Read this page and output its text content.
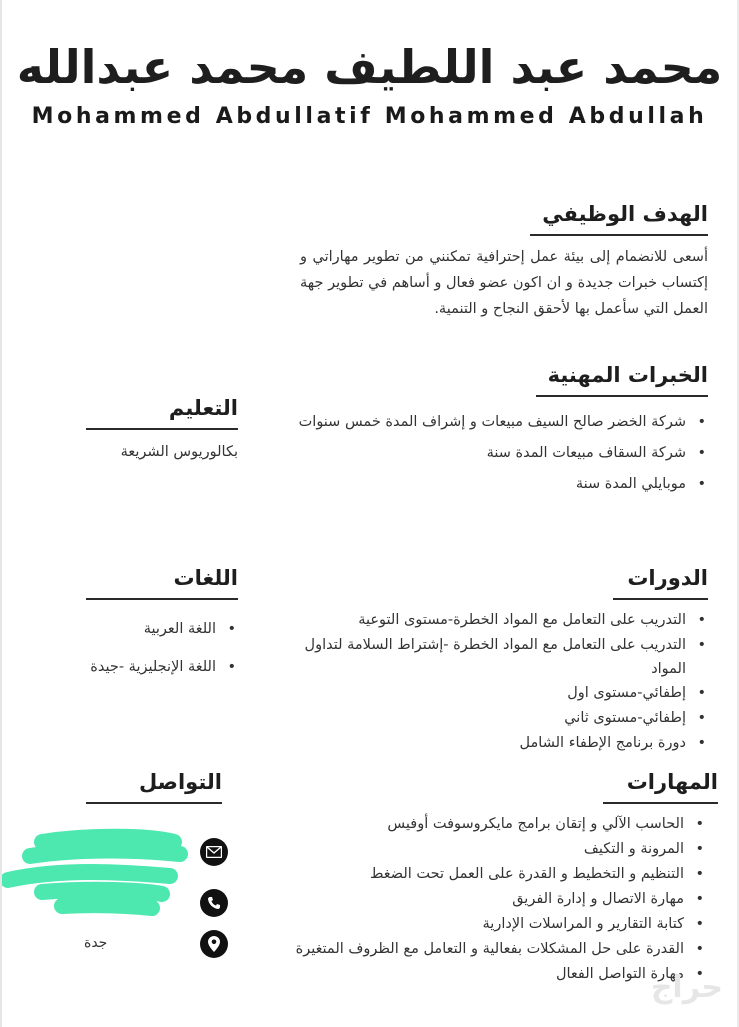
محمد عبد اللطيف محمد عبدالله
Mohammed Abdullatif Mohammed Abdullah
الهدف الوظيفي

أسعى للانضمام إلى بيئة عمل إحترافية تمكنني من تطوير مهاراتي و إكتساب خبرات جديدة و ان اكون عضو فعال و أساهم في تطوير جهة العمل التي سأعمل بها لأحقق النجاح و التنمية.

الخبرات المهنية
• شركة الخضر صالح السيف مبيعات و إشراف المدة خمس سنوات
• شركة السقاف مبيعات المدة سنة
• موبايلي المدة سنة
التعليم
بكالوريوس الشريعة
الدورات
• التدريب على التعامل مع المواد الخطرة-مستوى التوعية
• التدريب على التعامل مع المواد الخطرة -إشتراط السلامة لتداول المواد
• إطفائي-مستوى اول
• إطفائي-مستوى ثاني
• دورة برنامج الإطفاء الشامل
اللغات
• اللغة العربية
• اللغة الإنجليزية -جيدة
المهارات
• الحاسب الآلي و إتقان برامج مايكروسوفت أوفيس
• المرونة و التكيف
• التنظيم و التخطيط و القدرة على العمل تحت الضغط
• مهارة الاتصال و إدارة الفريق
• كتابة التقارير و المراسلات الإدارية
• القدرة على حل المشكلات بفعالية و التعامل مع الظروف المتغيرة
• مهارة التواصل الفعال
التواصل
جدة
حراج
